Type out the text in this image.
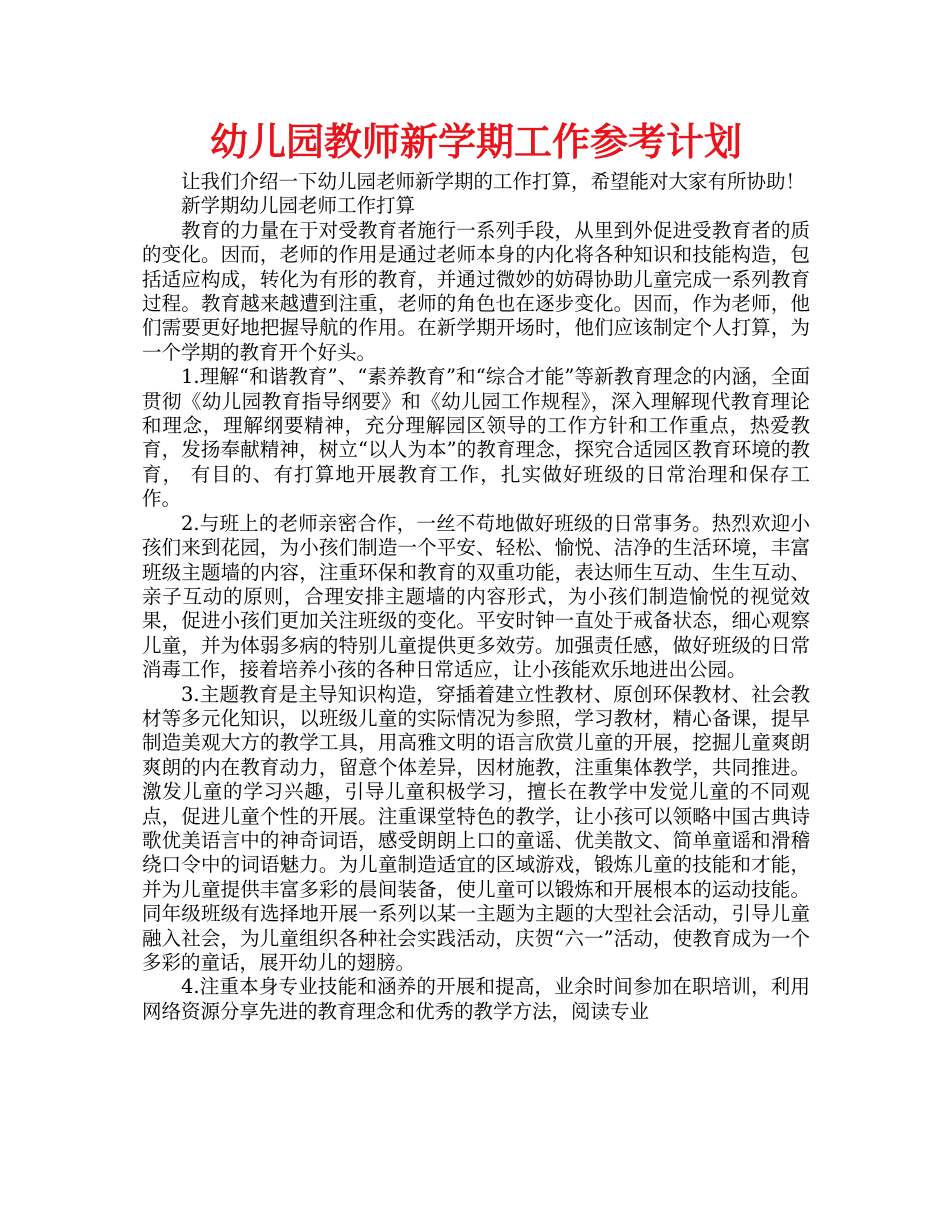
幼儿园教师新学期工作参考计划

让我们介绍一下幼儿园老师新学期的工作打算，希望能对大家有所协助！

新学期幼儿园老师工作打算

教育的力量在于对受教育者施行一系列手段，从里到外促进受教育者的质的变化。因而，老师的作用是通过老师本身的内化将各种知识和技能构造，包括适应构成，转化为有形的教育，并通过微妙的妨碍协助儿童完成一系列教育过程。教育越来越遭到注重，老师的角色也在逐步变化。因而，作为老师，他们需要更好地把握导航的作用。在新学期开场时，他们应该制定个人打算，为一个学期的教育开个好头。

1.理解“和谐教育”、“素养教育”和“综合才能”等新教育理念的内涵，全面贯彻《幼儿园教育指导纲要》和《幼儿园工作规程》，深入理解现代教育理论和理念，理解纲要精神，充分理解园区领导的工作方针和工作重点，热爱教育，发扬奉献精神，树立“以人为本”的教育理念，探究合适园区教育环境的教育， 有目的、有打算地开展教育工作，扎实做好班级的日常治理和保存工作。

2.与班上的老师亲密合作，一丝不苟地做好班级的日常事务。热烈欢迎小孩们来到花园，为小孩们制造一个平安、轻松、愉悦、洁净的生活环境，丰富班级主题墙的内容，注重环保和教育的双重功能，表达师生互动、生生互动、亲子互动的原则，合理安排主题墙的内容形式，为小孩们制造愉悦的视觉效果，促进小孩们更加关注班级的变化。平安时钟一直处于戒备状态，细心观察儿童，并为体弱多病的特别儿童提供更多效劳。加强责任感，做好班级的日常消毒工作，接着培养小孩的各种日常适应，让小孩能欢乐地进出公园。

3.主题教育是主导知识构造，穿插着建立性教材、原创环保教材、社会教材等多元化知识，以班级儿童的实际情况为参照，学习教材，精心备课，提早制造美观大方的教学工具，用高雅文明的语言欣赏儿童的开展，挖掘儿童爽朗爽朗的内在教育动力，留意个体差异，因材施教，注重集体教学，共同推进。激发儿童的学习兴趣，引导儿童积极学习，擅长在教学中发觉儿童的不同观点，促进儿童个性的开展。注重课堂特色的教学，让小孩可以领略中国古典诗歌优美语言中的神奇词语，感受朗朗上口的童谣、优美散文、简单童谣和滑稽绕口令中的词语魅力。为儿童制造适宜的区域游戏，锻炼儿童的技能和才能，并为儿童提供丰富多彩的晨间装备，使儿童可以锻炼和开展根本的运动技能。同年级班级有选择地开展一系列以某一主题为主题的大型社会活动，引导儿童融入社会，为儿童组织各种社会实践活动，庆贺“六一”活动，使教育成为一个多彩的童话，展开幼儿的翅膀。

4.注重本身专业技能和涵养的开展和提高，业余时间参加在职培训，利用网络资源分享先进的教育理念和优秀的教学方法，阅读专业
